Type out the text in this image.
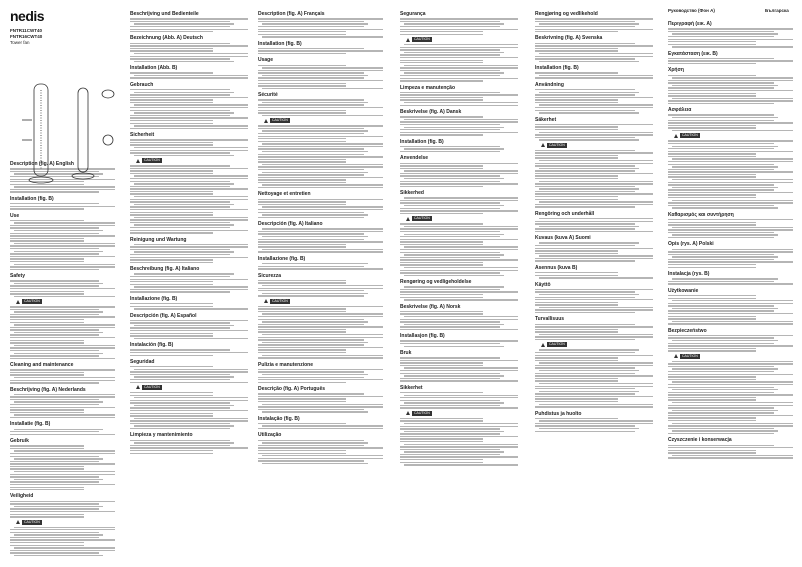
nedis
FNTR11CWT40
FNTR16CWT40
Tower fan
Description (fig. A) English
Installation (fig. B)
Use
Safety
CAUTION
Cleaning and maintenance
Beschrijving (fig. A) Nederlands
Installatie (fig. B)
Gebruik
Veiligheid
CAUTION
Beschrijving und Bedienteile
Bezeichnung (Abb. A) Deutsch
Installation (Abb. B)
Gebrauch
Sicherheit
CAUTION
Reinigung und Wartung
Beschreibung (fig. A) Italiano
Installazione (fig. B)
Descripción (fig. A) Español
Instalación (fig. B)
Seguridad
CAUTION
Limpieza y mantenimiento
Description (fig. A) Français
Installation (fig. B)
Usage
Sécurité
CAUTION
Nettoyage et entretien
Descripción (fig. A) Italiano
Installazione (fig. B)
Sicurezza
CAUTION
Pulizia e manutenzione
Descrição (fig. A) Português
Instalação (fig. B)
Utilização
Segurança
CAUTION
Limpeza e manutenção
Beskrivelse (fig. A) Dansk
Installation (fig. B)
Anvendelse
Sikkerhed
CAUTION
Rengøring og vedligeholdelse
Beskrivelse (fig. A) Norsk
Installasjon (fig. B)
Bruk
Sikkerhet
CAUTION
Rengjøring og vedlikehold
Beskrivning (fig. A) Svenska
Installation (fig. B)
Användning
Säkerhet
CAUTION
Rengöring och underhåll
Kuvaus (kuva A) Suomi
Asennus (kuva B)
Käyttö
Turvallisuus
CAUTION
Puhdistus ja huolto
Περιγραφή (εικ. A)
Εγκατάσταση (εικ. B)
Χρήση
Ασφάλεια
CAUTION
Καθαρισμός και συντήρηση
Opis (rys. A) Polski
Instalacja (rys. B)
Użytkowanie
Bezpieczeństwo
CAUTION
Czyszczenie i konserwacja
Руководство (Фон А)	Българска
